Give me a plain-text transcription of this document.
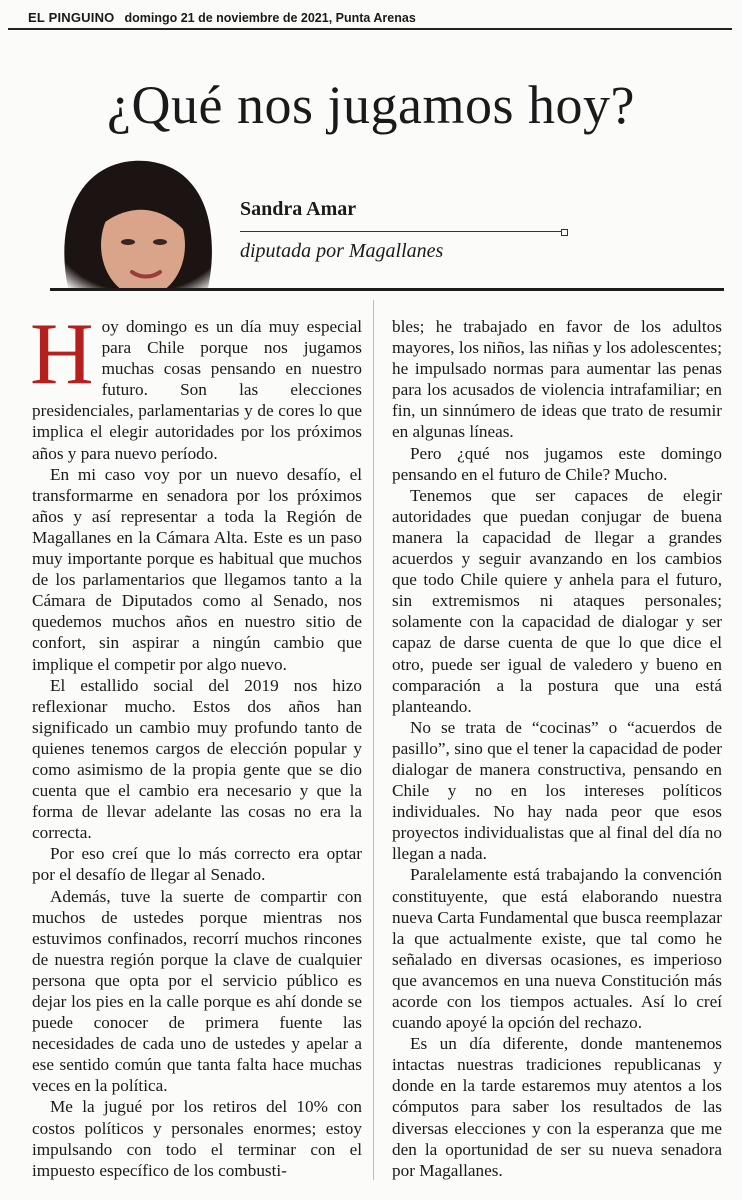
EL PINGUINO domingo 21 de noviembre de 2021, Punta Arenas
¿Qué nos jugamos hoy?

Sandra Amar

diputada por Magallanes

Hoy domingo es un día muy especial para Chile porque nos jugamos muchas cosas pensando en nuestro futuro. Son las elecciones presidenciales, parlamentarias y de cores lo que implica el elegir autoridades por los próximos años y para nuevo período.

En mi caso voy por un nuevo desafío, el transformarme en senadora por los próximos años y así representar a toda la Región de Magallanes en la Cámara Alta. Este es un paso muy importante porque es habitual que muchos de los parlamentarios que llegamos tanto a la Cámara de Diputados como al Senado, nos quedemos muchos años en nuestro sitio de confort, sin aspirar a ningún cambio que implique el competir por algo nuevo.

El estallido social del 2019 nos hizo reflexionar mucho. Estos dos años han significado un cambio muy profundo tanto de quienes tenemos cargos de elección popular y como asimismo de la propia gente que se dio cuenta que el cambio era necesario y que la forma de llevar adelante las cosas no era la correcta.

Por eso creí que lo más correcto era optar por el desafío de llegar al Senado.

Además, tuve la suerte de compartir con muchos de ustedes porque mientras nos estuvimos confinados, recorrí muchos rincones de nuestra región porque la clave de cualquier persona que opta por el servicio público es dejar los pies en la calle porque es ahí donde se puede conocer de primera fuente las necesidades de cada uno de ustedes y apelar a ese sentido común que tanta falta hace muchas veces en la política.

Me la jugué por los retiros del 10% con costos políticos y personales enormes; estoy impulsando con todo el terminar con el impuesto específico de los combusti-

bles; he trabajado en favor de los adultos mayores, los niños, las niñas y los adolescentes; he impulsado normas para aumentar las penas para los acusados de violencia intrafamiliar; en fin, un sinnúmero de ideas que trato de resumir en algunas líneas.

Pero ¿qué nos jugamos este domingo pensando en el futuro de Chile? Mucho.

Tenemos que ser capaces de elegir autoridades que puedan conjugar de buena manera la capacidad de llegar a grandes acuerdos y seguir avanzando en los cambios que todo Chile quiere y anhela para el futuro, sin extremismos ni ataques personales; solamente con la capacidad de dialogar y ser capaz de darse cuenta de que lo que dice el otro, puede ser igual de valedero y bueno en comparación a la postura que una está planteando.

No se trata de “cocinas” o “acuerdos de pasillo”, sino que el tener la capacidad de poder dialogar de manera constructiva, pensando en Chile y no en los intereses políticos individuales. No hay nada peor que esos proyectos individualistas que al final del día no llegan a nada.

Paralelamente está trabajando la convención constituyente, que está elaborando nuestra nueva Carta Fundamental que busca reemplazar la que actualmente existe, que tal como he señalado en diversas ocasiones, es imperioso que avancemos en una nueva Constitución más acorde con los tiempos actuales. Así lo creí cuando apoyé la opción del rechazo.

Es un día diferente, donde mantenemos intactas nuestras tradiciones republicanas y donde en la tarde estaremos muy atentos a los cómputos para saber los resultados de las diversas elecciones y con la esperanza que me den la oportunidad de ser su nueva senadora por Magallanes.
